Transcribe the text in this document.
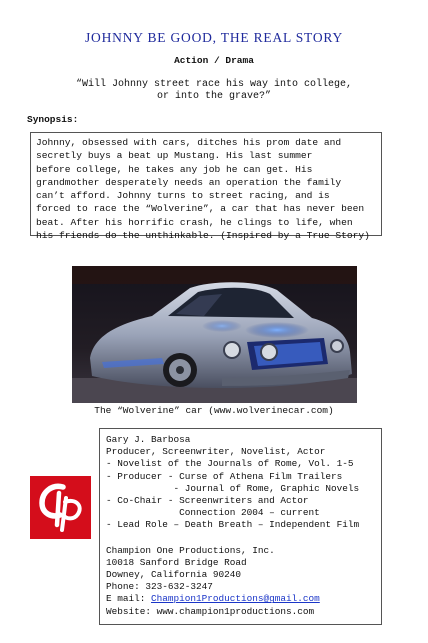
JOHNNY BE GOOD, THE REAL STORY
Action / Drama
“Will Johnny street race his way into college,
or into the grave?”
Synopsis:

Johnny, obsessed with cars, ditches his prom date and
secretly buys a beat up Mustang. His last summer
before college, he takes any job he can get. His
grandmother desperately needs an operation the family
can’t afford. Johnny turns to street racing, and is
forced to race the “Wolverine”, a car that has never been
beat. After his horrific crash, he clings to life, when
his friends do the unthinkable. (Inspired by a True Story)

The “Wolverine” car (www.wolverinecar.com)
Gary J. Barbosa
Producer, Screenwriter, Novelist, Actor
- Novelist of the Journals of Rome, Vol. 1-5
- Producer - Curse of Athena Film Trailers
- Journal of Rome, Graphic Novels
- Co-Chair - Screenwriters and Actor
Connection 2004 – current
- Lead Role – Death Breath – Independent Film
Champion One Productions, Inc.
10018 Sanford Bridge Road
Downey, California 90240
Phone: 323-632-3247
E mail: Champion1Productions@gmail.com
Website: www.champion1productions.com
